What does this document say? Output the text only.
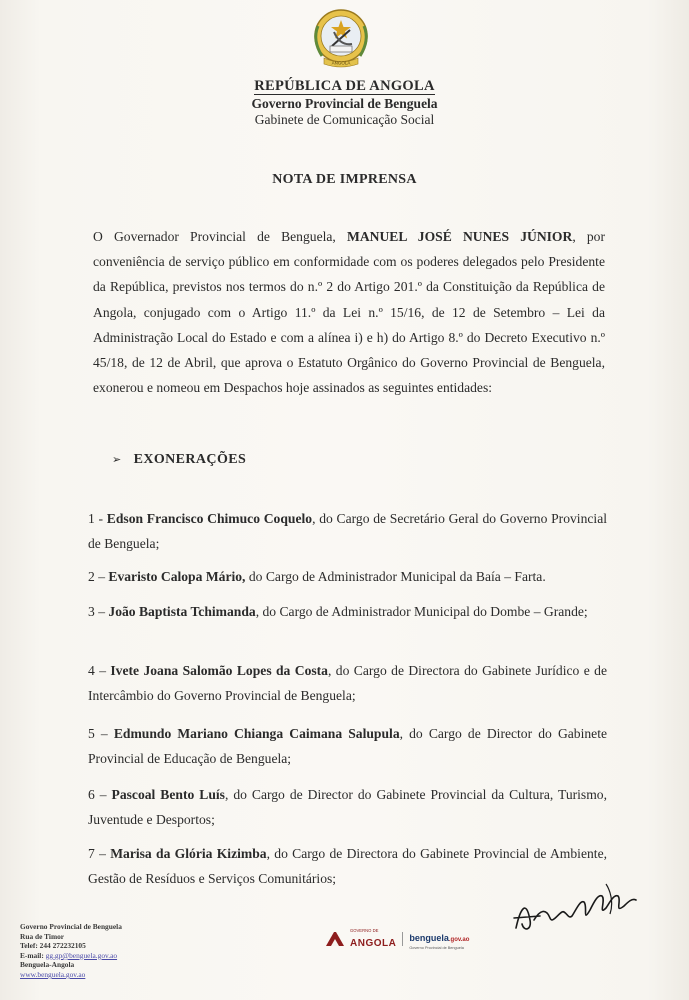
ANGOLA
REPÚBLICA DE ANGOLA
Governo Provincial de Benguela
Gabinete de Comunicação Social
NOTA DE IMPRENSA
O Governador Provincial de Benguela, MANUEL JOSÉ NUNES JÚNIOR, por conveniência de serviço público em conformidade com os poderes delegados pelo Presidente da República, previstos nos termos do n.º 2 do Artigo 201.º da Constituição da República de Angola, conjugado com o Artigo 11.º da Lei n.º 15/16, de 12 de Setembro – Lei da Administração Local do Estado e com a alínea i) e h) do Artigo 8.º do Decreto Executivo n.º 45/18, de 12 de Abril, que aprova o Estatuto Orgânico do Governo Provincial de Benguela, exonerou e nomeou em Despachos hoje assinados as seguintes entidades:
➢ EXONERAÇÕES
1 - Edson Francisco Chimuco Coquelo, do Cargo de Secretário Geral do Governo Provincial de Benguela;
2 – Evaristo Calopa Mário, do Cargo de Administrador Municipal da Baía – Farta.
3 – João Baptista Tchimanda, do Cargo de Administrador Municipal do Dombe – Grande;
4 – Ivete Joana Salomão Lopes da Costa, do Cargo de Directora do Gabinete Jurídico e de Intercâmbio do Governo Provincial de Benguela;
5 – Edmundo Mariano Chianga Caimana Salupula, do Cargo de Director do Gabinete Provincial de Educação de Benguela;
6 – Pascoal Bento Luís, do Cargo de Director do Gabinete Provincial da Cultura, Turismo, Juventude e Desportos;
7 – Marisa da Glória Kizimba, do Cargo de Directora do Gabinete Provincial de Ambiente, Gestão de Resíduos e Serviços Comunitários;
Governo Provincial de Benguela
Rua de Timor
Telef: 244 272232105
E-mail: gg.gp@benguela.gov.ao
Benguela-Angola
www.benguela.gov.ao
GOVERNO DE
ANGOLA benguela.gov.ao
Governo Provincial de Benguela
